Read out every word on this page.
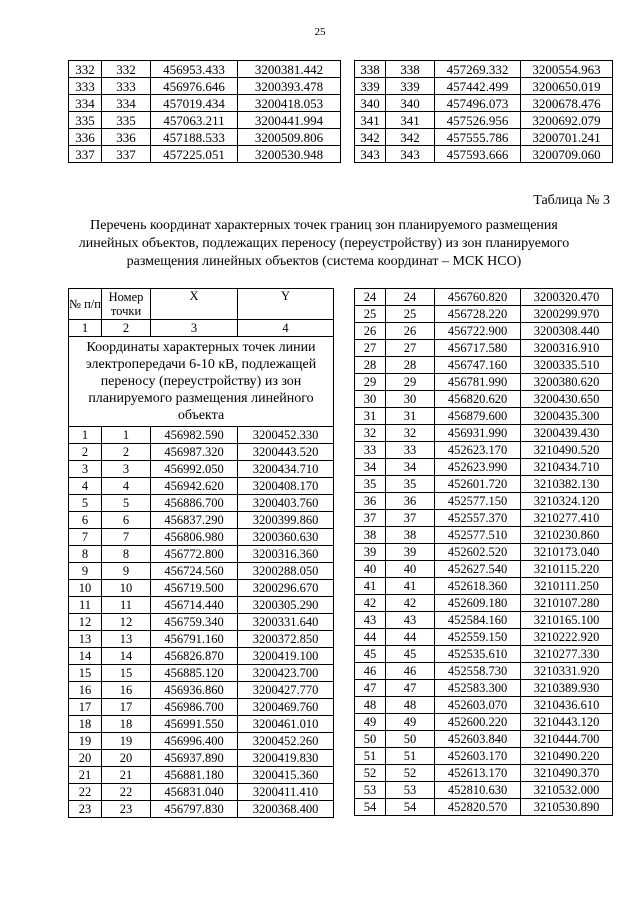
25
332	332	456953.433	3200381.442
333	333	456976.646	3200393.478
334	334	457019.434	3200418.053
335	335	457063.211	3200441.994
336	336	457188.533	3200509.806
337	337	457225.051	3200530.948
338	338	457269.332	3200554.963
339	339	457442.499	3200650.019
340	340	457496.073	3200678.476
341	341	457526.956	3200692.079
342	342	457555.786	3200701.241
343	343	457593.666	3200709.060
Таблица № 3
Перечень координат характерных точек границ зон планируемого размещения линейных объектов, подлежащих переносу (переустройству) из зон планируемого размещения линейных объектов (система координат – МСК НСО)
№ п/п	Номер точки	X	Y
1	2	3	4
Координаты характерных точек линии электропередачи 6-10 кВ, подлежащей переносу (переустройству) из зон планируемого размещения линейного объекта			
1	1	456982.590	3200452.330
2	2	456987.320	3200443.520
3	3	456992.050	3200434.710
4	4	456942.620	3200408.170
5	5	456886.700	3200403.760
6	6	456837.290	3200399.860
7	7	456806.980	3200360.630
8	8	456772.800	3200316.360
9	9	456724.560	3200288.050
10	10	456719.500	3200296.670
11	11	456714.440	3200305.290
12	12	456759.340	3200331.640
13	13	456791.160	3200372.850
14	14	456826.870	3200419.100
15	15	456885.120	3200423.700
16	16	456936.860	3200427.770
17	17	456986.700	3200469.760
18	18	456991.550	3200461.010
19	19	456996.400	3200452.260
20	20	456937.890	3200419.830
21	21	456881.180	3200415.360
22	22	456831.040	3200411.410
23	23	456797.830	3200368.400
24	24	456760.820	3200320.470
25	25	456728.220	3200299.970
26	26	456722.900	3200308.440
27	27	456717.580	3200316.910
28	28	456747.160	3200335.510
29	29	456781.990	3200380.620
30	30	456820.620	3200430.650
31	31	456879.600	3200435.300
32	32	456931.990	3200439.430
33	33	452623.170	3210490.520
34	34	452623.990	3210434.710
35	35	452601.720	3210382.130
36	36	452577.150	3210324.120
37	37	452557.370	3210277.410
38	38	452577.510	3210230.860
39	39	452602.520	3210173.040
40	40	452627.540	3210115.220
41	41	452618.360	3210111.250
42	42	452609.180	3210107.280
43	43	452584.160	3210165.100
44	44	452559.150	3210222.920
45	45	452535.610	3210277.330
46	46	452558.730	3210331.920
47	47	452583.300	3210389.930
48	48	452603.070	3210436.610
49	49	452600.220	3210443.120
50	50	452603.840	3210444.700
51	51	452603.170	3210490.220
52	52	452613.170	3210490.370
53	53	452810.630	3210532.000
54	54	452820.570	3210530.890
